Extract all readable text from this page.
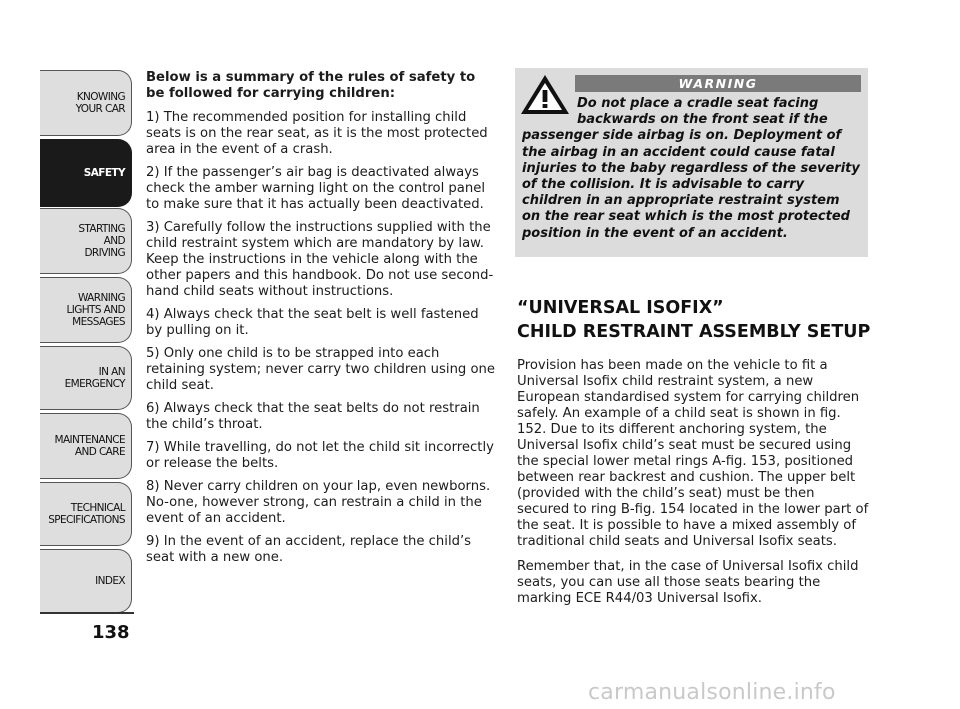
KNOWING
YOUR CAR
SAFETY
STARTING
AND
DRIVING
WARNING
LIGHTS AND
MESSAGES
IN AN
EMERGENCY
MAINTENANCE
AND CARE
TECHNICAL
SPECIFICATIONS
INDEX
138

Below is a summary of the rules of safety to be followed for carrying children:

1) The recommended position for installing child seats is on the rear seat, as it is the most protected area in the event of a crash.

2) If the passenger’s air bag is deactivated always check the amber warning light on the control panel to make sure that it has actually been deactivated.

3) Carefully follow the instructions supplied with the child restraint system which are mandatory by law. Keep the instructions in the vehicle along with the other papers and this handbook. Do not use second-hand child seats without instructions.

4) Always check that the seat belt is well fastened by pulling on it.

5) Only one child is to be strapped into each retaining system; never carry two children using one child seat.

6) Always check that the seat belts do not restrain the child’s throat.

7) While travelling, do not let the child sit incorrectly or release the belts.

8) Never carry children on your lap, even newborns. No-one, however strong, can restrain a child in the event of an accident.

9) In the event of an accident, replace the child’s seat with a new one.

WARNING
Do not place a cradle seat facing backwards on the front seat if the passenger side airbag is on. Deployment of the airbag in an accident could cause fatal injuries to the baby regardless of the severity of the collision. It is advisable to carry children in an appropriate restraint system on the rear seat which is the most protected position in the event of an accident.
“UNIVERSAL ISOFIX”
CHILD RESTRAINT ASSEMBLY SETUP

Provision has been made on the vehicle to fit a Universal Isofix child restraint system, a new European standardised system for carrying children safely. An example of a child seat is shown in fig. 152. Due to its different anchoring system, the Universal Isofix child’s seat must be secured using the special lower metal rings A-fig. 153, positioned between rear backrest and cushion. The upper belt (provided with the child’s seat) must be then secured to ring B-fig. 154 located in the lower part of the seat. It is possible to have a mixed assembly of traditional child seats and Universal Isofix seats.

Remember that, in the case of Universal Isofix child seats, you can use all those seats bearing the marking ECE R44/03 Universal Isofix.

carmanualsonline.info
